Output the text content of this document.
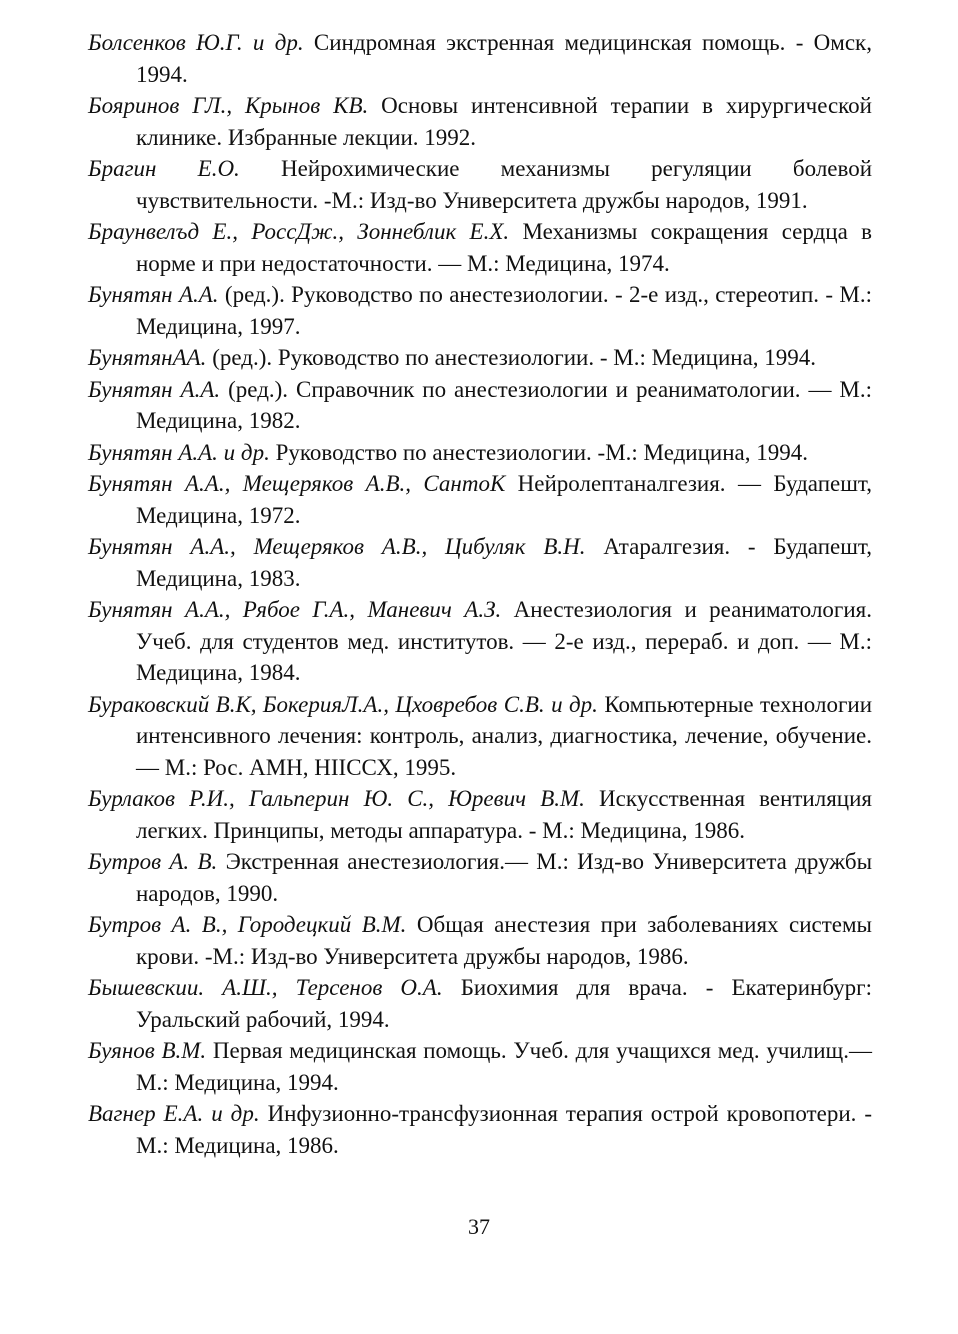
Болсенков Ю.Г. и др. Синдромная экстренная медицинская помощь. - Омск, 1994.
Бояринов ГЛ., Крынов КВ. Основы интенсивной терапии в хирургической клинике. Избранные лекции. 1992.
Брагин Е.О. Нейрохимические механизмы регуляции болевой чувствительности. -М.: Изд-во Университета дружбы народов, 1991.
Браунвелъд Е., РоссДж., Зоннеблик Е.Х. Механизмы сокращения сердца в норме и при недостаточности. — М.: Медицина, 1974.
Бунятян А.А. (ред.). Руководство по анестезиологии. - 2-е изд., стереотип. - М.: Медицина, 1997.
БунятянАА. (ред.). Руководство по анестезиологии. - М.: Медицина, 1994.
Бунятян А.А. (ред.). Справочник по анестезиологии и реаниматологии. — М.: Медицина, 1982.
Бунятян А.А. и др. Руководство по анестезиологии. -М.: Медицина, 1994.
Бунятян А.А., Мещеряков А.В., СантоК Нейролептаналгезия. — Будапешт, Медицина, 1972.
Бунятян А.А., Мещеряков А.В., Цибуляк В.Н. Атаралгезия. - Будапешт, Медицина, 1983.
Бунятян А.А., Рябое Г.А., Маневич А.З. Анестезиология и реаниматология. Учеб. для студентов мед. институтов. — 2-е изд., перераб. и доп. — М.: Медицина, 1984.
Бураковский В.К, БокерияЛ.А., Цховребов С.В. и др. Компьютерные технологии интенсивного лечения: контроль, анализ, диагностика, лечение, обучение. — М.: Рос. АМН, НIIССХ, 1995.
Бурлаков Р.И., Гальперин Ю. С., Юревич В.М. Искусственная вентиляция легких. Принципы, методы аппаратура. - М.: Медицина, 1986.
Бутров А. В. Экстренная анестезиология.— М.: Изд-во Университета дружбы народов, 1990.
Бутров А. В., Городецкий В.М. Общая анестезия при заболеваниях системы крови. -М.: Изд-во Университета дружбы народов, 1986.
Бышевскии. А.Ш., Терсенов О.А. Биохимия для врача. - Екатеринбург: Уральский рабочий, 1994.
Буянов В.М. Первая медицинская помощь. Учеб. для учащихся мед. училищ.— М.: Медицина, 1994.
Вагнер Е.А. и др. Инфузионно-трансфузионная терапия острой кровопотери. - М.: Медицина, 1986.
37
